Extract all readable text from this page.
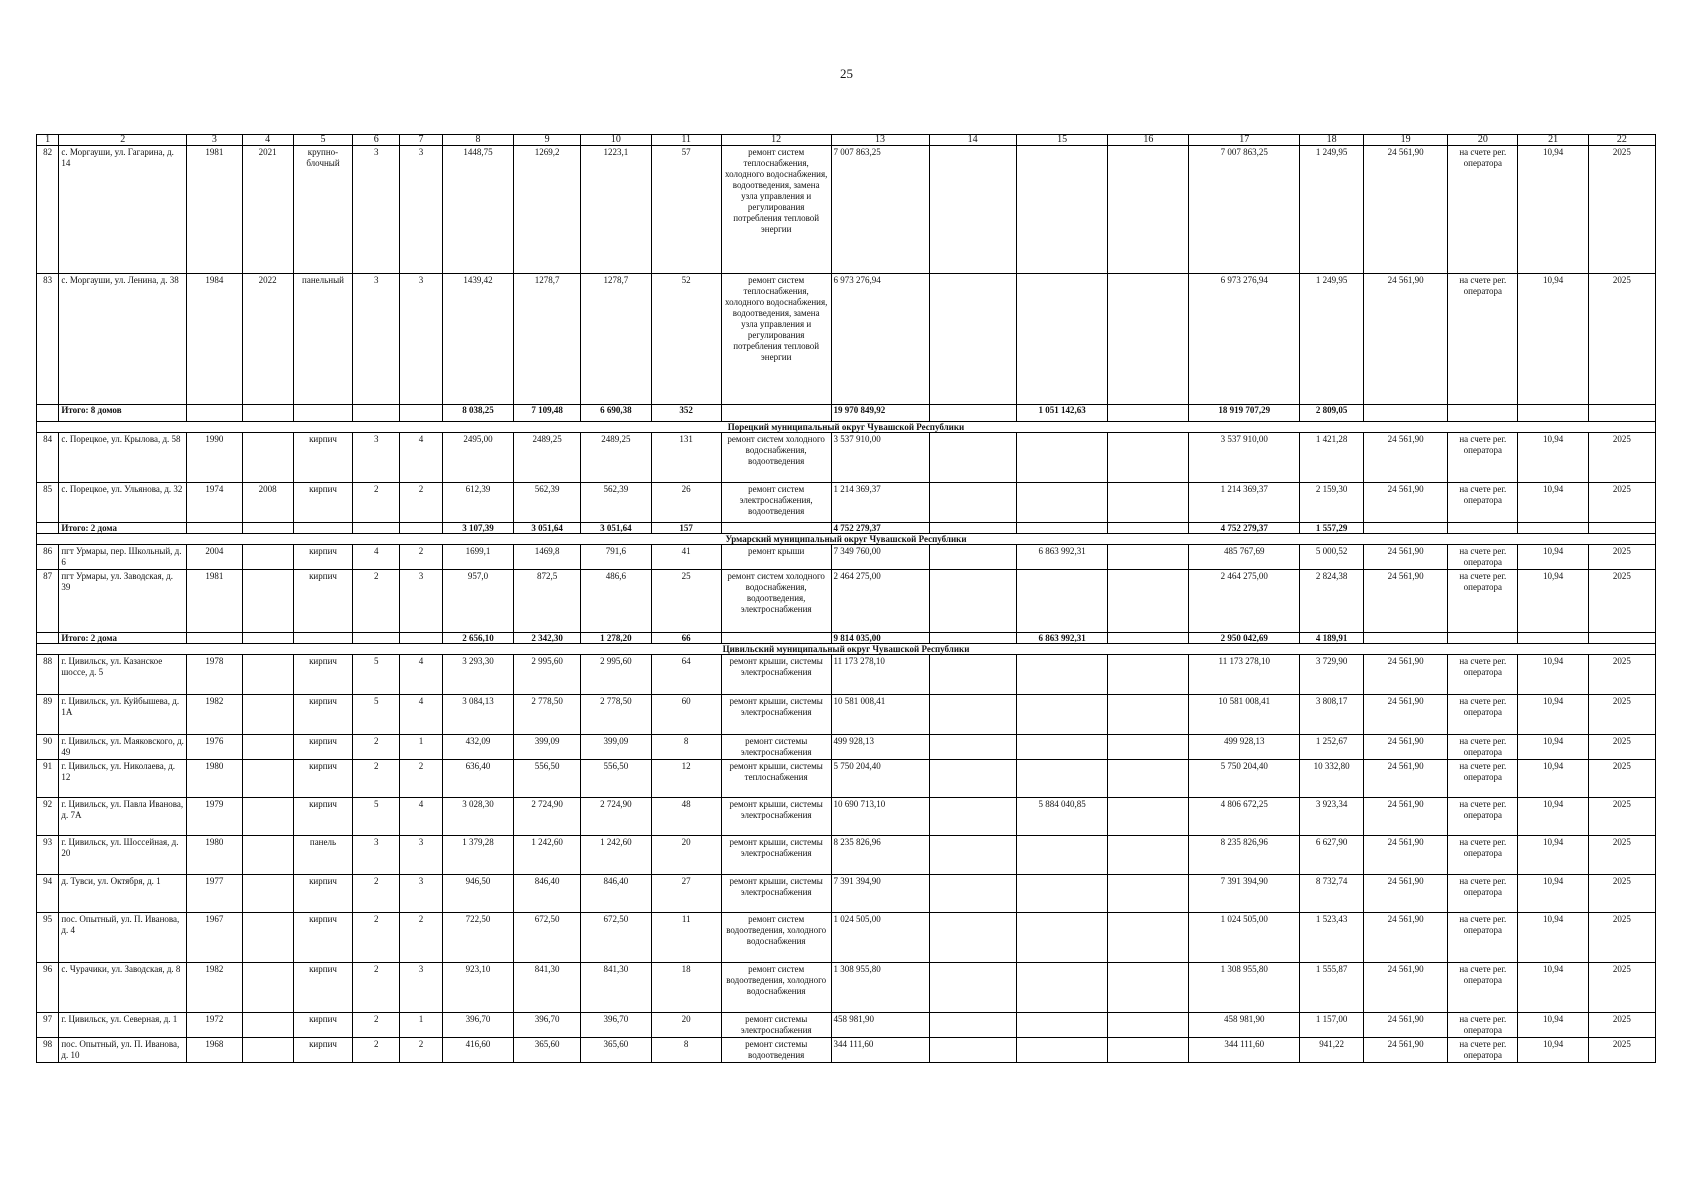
25
1	2	3	4	5	6	7	8	9	10	11	12	13	14	15	16	17	18	19	20	21	22
82	с. Моргауши, ул. Гагарина, д. 14	1981	2021	крупно-блочный	3	3	1448,75	1269,2	1223,1	57	ремонт систем теплоснабжения, холодного водоснабжения, водоотведения, замена узла управления и регулирования потребления тепловой энергии	7 007 863,25				7 007 863,25	1 249,95	24 561,90	на счете рег. оператора	10,94	2025
83	с. Моргауши, ул. Ленина, д. 38	1984	2022	панельный	3	3	1439,42	1278,7	1278,7	52	ремонт систем теплоснабжения, холодного водоснабжения, водоотведения, замена узла управления и регулирования потребления тепловой энергии	6 973 276,94				6 973 276,94	1 249,95	24 561,90	на счете рег. оператора	10,94	2025
	Итого: 8 домов						8 038,25	7 109,48	6 690,38	352		19 970 849,92		1 051 142,63		18 919 707,29	2 809,05				
Порецкий муниципальный округ Чувашской Республики																					
84	с. Порецкое, ул. Крылова, д. 58	1990		кирпич	3	4	2495,00	2489,25	2489,25	131	ремонт систем холодного водоснабжения, водоотведения	3 537 910,00				3 537 910,00	1 421,28	24 561,90	на счете рег. оператора	10,94	2025
85	с. Порецкое, ул. Ульянова, д. 32	1974	2008	кирпич	2	2	612,39	562,39	562,39	26	ремонт систем электроснабжения, водоотведения	1 214 369,37				1 214 369,37	2 159,30	24 561,90	на счете рег. оператора	10,94	2025
	Итого: 2 дома						3 107,39	3 051,64	3 051,64	157		4 752 279,37				4 752 279,37	1 557,29				
Урмарский муниципальный округ Чувашской Республики																					
86	пгт Урмары, пер. Школьный, д. 6	2004		кирпич	4	2	1699,1	1469,8	791,6	41	ремонт крыши	7 349 760,00		6 863 992,31		485 767,69	5 000,52	24 561,90	на счете рег. оператора	10,94	2025
87	пгт Урмары, ул. Заводская, д. 39	1981		кирпич	2	3	957,0	872,5	486,6	25	ремонт систем холодного водоснабжения, водоотведения, электроснабжения	2 464 275,00				2 464 275,00	2 824,38	24 561,90	на счете рег. оператора	10,94	2025
	Итого: 2 дома						2 656,10	2 342,30	1 278,20	66		9 814 035,00		6 863 992,31		2 950 042,69	4 189,91				
Цивильский муниципальный округ Чувашской Республики																					
88	г. Цивильск, ул. Казанское шоссе, д. 5	1978		кирпич	5	4	3 293,30	2 995,60	2 995,60	64	ремонт крыши, системы электроснабжения	11 173 278,10				11 173 278,10	3 729,90	24 561,90	на счете рег. оператора	10,94	2025
89	г. Цивильск, ул. Куйбышева, д. 1А	1982		кирпич	5	4	3 084,13	2 778,50	2 778,50	60	ремонт крыши, системы электроснабжения	10 581 008,41				10 581 008,41	3 808,17	24 561,90	на счете рег. оператора	10,94	2025
90	г. Цивильск, ул. Маяковского, д. 49	1976		кирпич	2	1	432,09	399,09	399,09	8	ремонт системы электроснабжения	499 928,13				499 928,13	1 252,67	24 561,90	на счете рег. оператора	10,94	2025
91	г. Цивильск, ул. Николаева, д. 12	1980		кирпич	2	2	636,40	556,50	556,50	12	ремонт крыши, системы теплоснабжения	5 750 204,40				5 750 204,40	10 332,80	24 561,90	на счете рег. оператора	10,94	2025
92	г. Цивильск, ул. Павла Иванова, д. 7А	1979		кирпич	5	4	3 028,30	2 724,90	2 724,90	48	ремонт крыши, системы электроснабжения	10 690 713,10		5 884 040,85		4 806 672,25	3 923,34	24 561,90	на счете рег. оператора	10,94	2025
93	г. Цивильск, ул. Шоссейная, д. 20	1980		панель	3	3	1 379,28	1 242,60	1 242,60	20	ремонт крыши, системы электроснабжения	8 235 826,96				8 235 826,96	6 627,90	24 561,90	на счете рег. оператора	10,94	2025
94	д. Тувси, ул. Октября, д. 1	1977		кирпич	2	3	946,50	846,40	846,40	27	ремонт крыши, системы электроснабжения	7 391 394,90				7 391 394,90	8 732,74	24 561,90	на счете рег. оператора	10,94	2025
95	пос. Опытный, ул. П. Иванова, д. 4	1967		кирпич	2	2	722,50	672,50	672,50	11	ремонт систем водоотведения, холодного водоснабжения	1 024 505,00				1 024 505,00	1 523,43	24 561,90	на счете рег. оператора	10,94	2025
96	с. Чурачики, ул. Заводская, д. 8	1982		кирпич	2	3	923,10	841,30	841,30	18	ремонт систем водоотведения, холодного водоснабжения	1 308 955,80				1 308 955,80	1 555,87	24 561,90	на счете рег. оператора	10,94	2025
97	г. Цивильск, ул. Северная, д. 1	1972		кирпич	2	1	396,70	396,70	396,70	20	ремонт системы электроснабжения	458 981,90				458 981,90	1 157,00	24 561,90	на счете рег. оператора	10,94	2025
98	пос. Опытный, ул. П. Иванова, д. 10	1968		кирпич	2	2	416,60	365,60	365,60	8	ремонт системы водоотведения	344 111,60				344 111,60	941,22	24 561,90	на счете рег. оператора	10,94	2025
